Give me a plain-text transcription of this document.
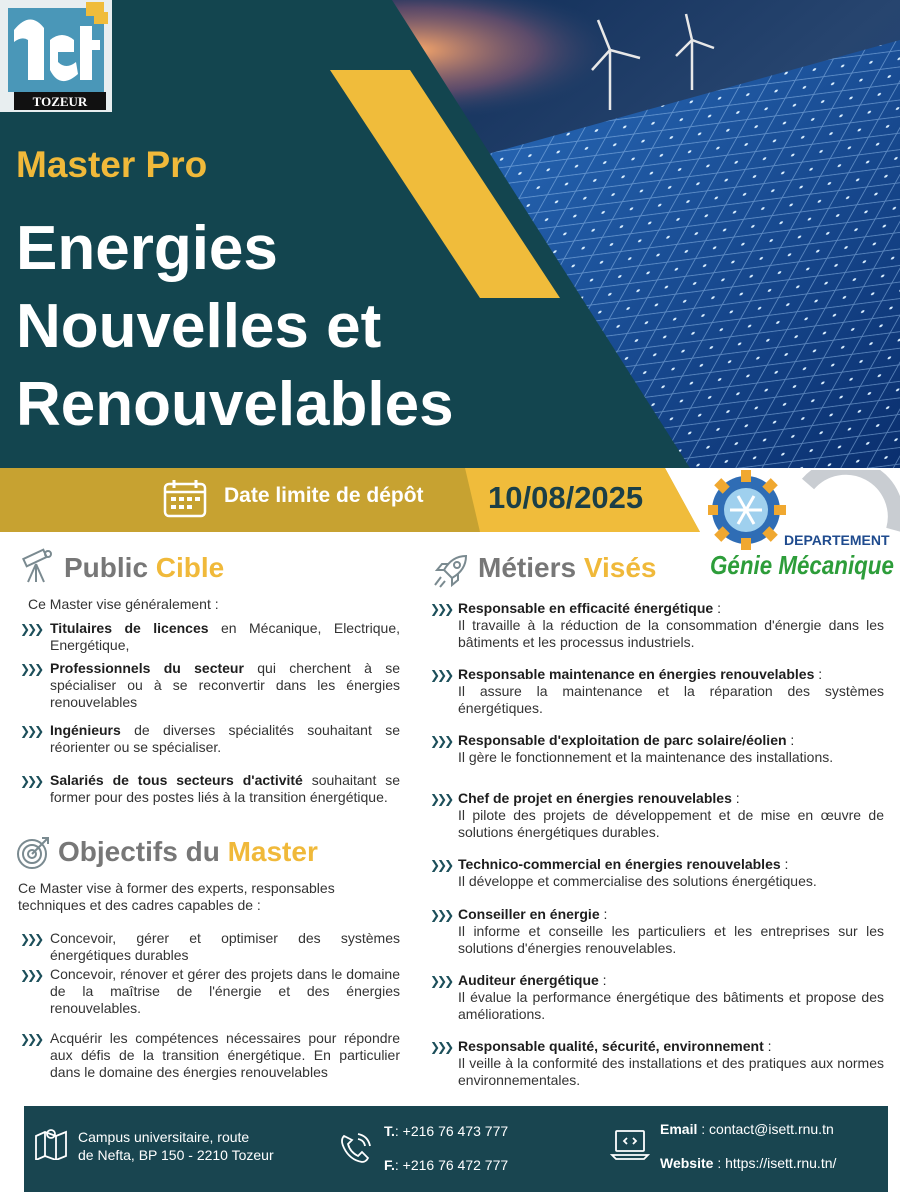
TOZEUR
Master Pro
Energies
Nouvelles et
Renouvelables
Date limite de dépôt 10/08/2025
DEPARTEMENT
Génie Mécanique
Public Cible
Ce Master vise généralement :
❯❯❯ Titulaires de licences en Mécanique, Electrique, Energétique,
❯❯❯ Professionnels du secteur qui cherchent à se spécialiser ou à se reconvertir dans les énergies renouvelables
❯❯❯ Ingénieurs de diverses spécialités souhaitant se réorienter ou se spécialiser.
❯❯❯ Salariés de tous secteurs d'activité souhaitant se former pour des postes liés à la transition énergétique.
Objectifs du Master
Ce Master vise à former des experts, responsables techniques et des cadres capables de :
❯❯❯ Concevoir, gérer et optimiser des systèmes énergétiques durables
❯❯❯ Concevoir, rénover et gérer des projets dans le domaine de la maîtrise de l'énergie et des énergies renouvelables.
❯❯❯ Acquérir les compétences nécessaires pour répondre aux défis de la transition énergétique. En particulier dans le domaine des énergies renouvelables
Métiers Visés
❯❯❯ Responsable en efficacité énergétique :
Il travaille à la réduction de la consommation d'énergie dans les bâtiments et les processus industriels.
❯❯❯ Responsable maintenance en énergies renouvelables :
Il assure la maintenance et la réparation des systèmes énergétiques.
❯❯❯ Responsable d'exploitation de parc solaire/éolien :
Il gère le fonctionnement et la maintenance des installations.
❯❯❯ Chef de projet en énergies renouvelables :
Il pilote des projets de développement et de mise en œuvre de solutions énergétiques durables.
❯❯❯ Technico-commercial en énergies renouvelables :
Il développe et commercialise des solutions énergétiques.
❯❯❯ Conseiller en énergie :
Il informe et conseille les particuliers et les entreprises sur les solutions d'énergies renouvelables.
❯❯❯ Auditeur énergétique :
Il évalue la performance énergétique des bâtiments et propose des améliorations.
❯❯❯ Responsable qualité, sécurité, environnement :
Il veille à la conformité des installations et des pratiques aux normes environnementales.
Campus universitaire, route
de Nefta, BP 150 - 2210 Tozeur
T.: +216 76 473 777
F.: +216 76 472 777
Email : contact@isett.rnu.tn
Website : https://isett.rnu.tn/
